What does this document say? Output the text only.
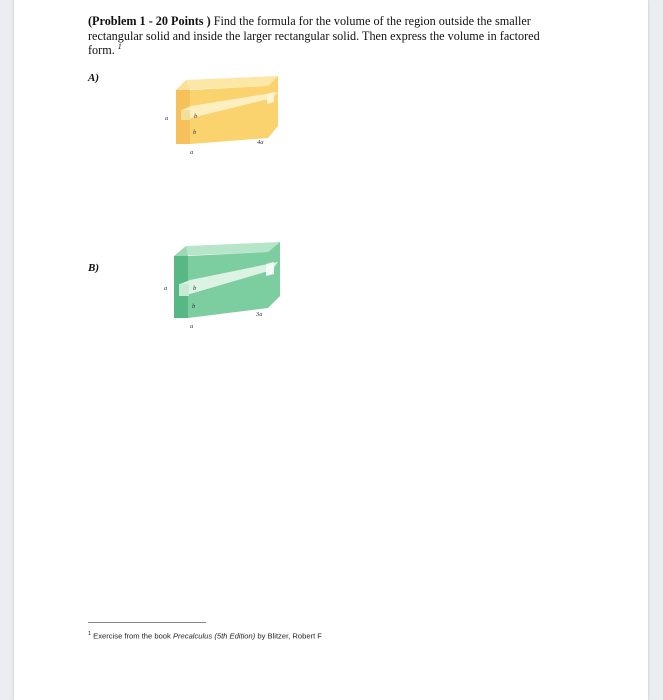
(Problem 1 - 20 Points ) Find the formula for the volume of the region outside the smaller rectangular solid and inside the larger rectangular solid. Then express the volume in factored form. $^1$
A)
a	b
b
a
4a
B)
a	b
b
a
3a
$^1$ Exercise from the book Precalculus (5th Edition) by Blitzer, Robert F
